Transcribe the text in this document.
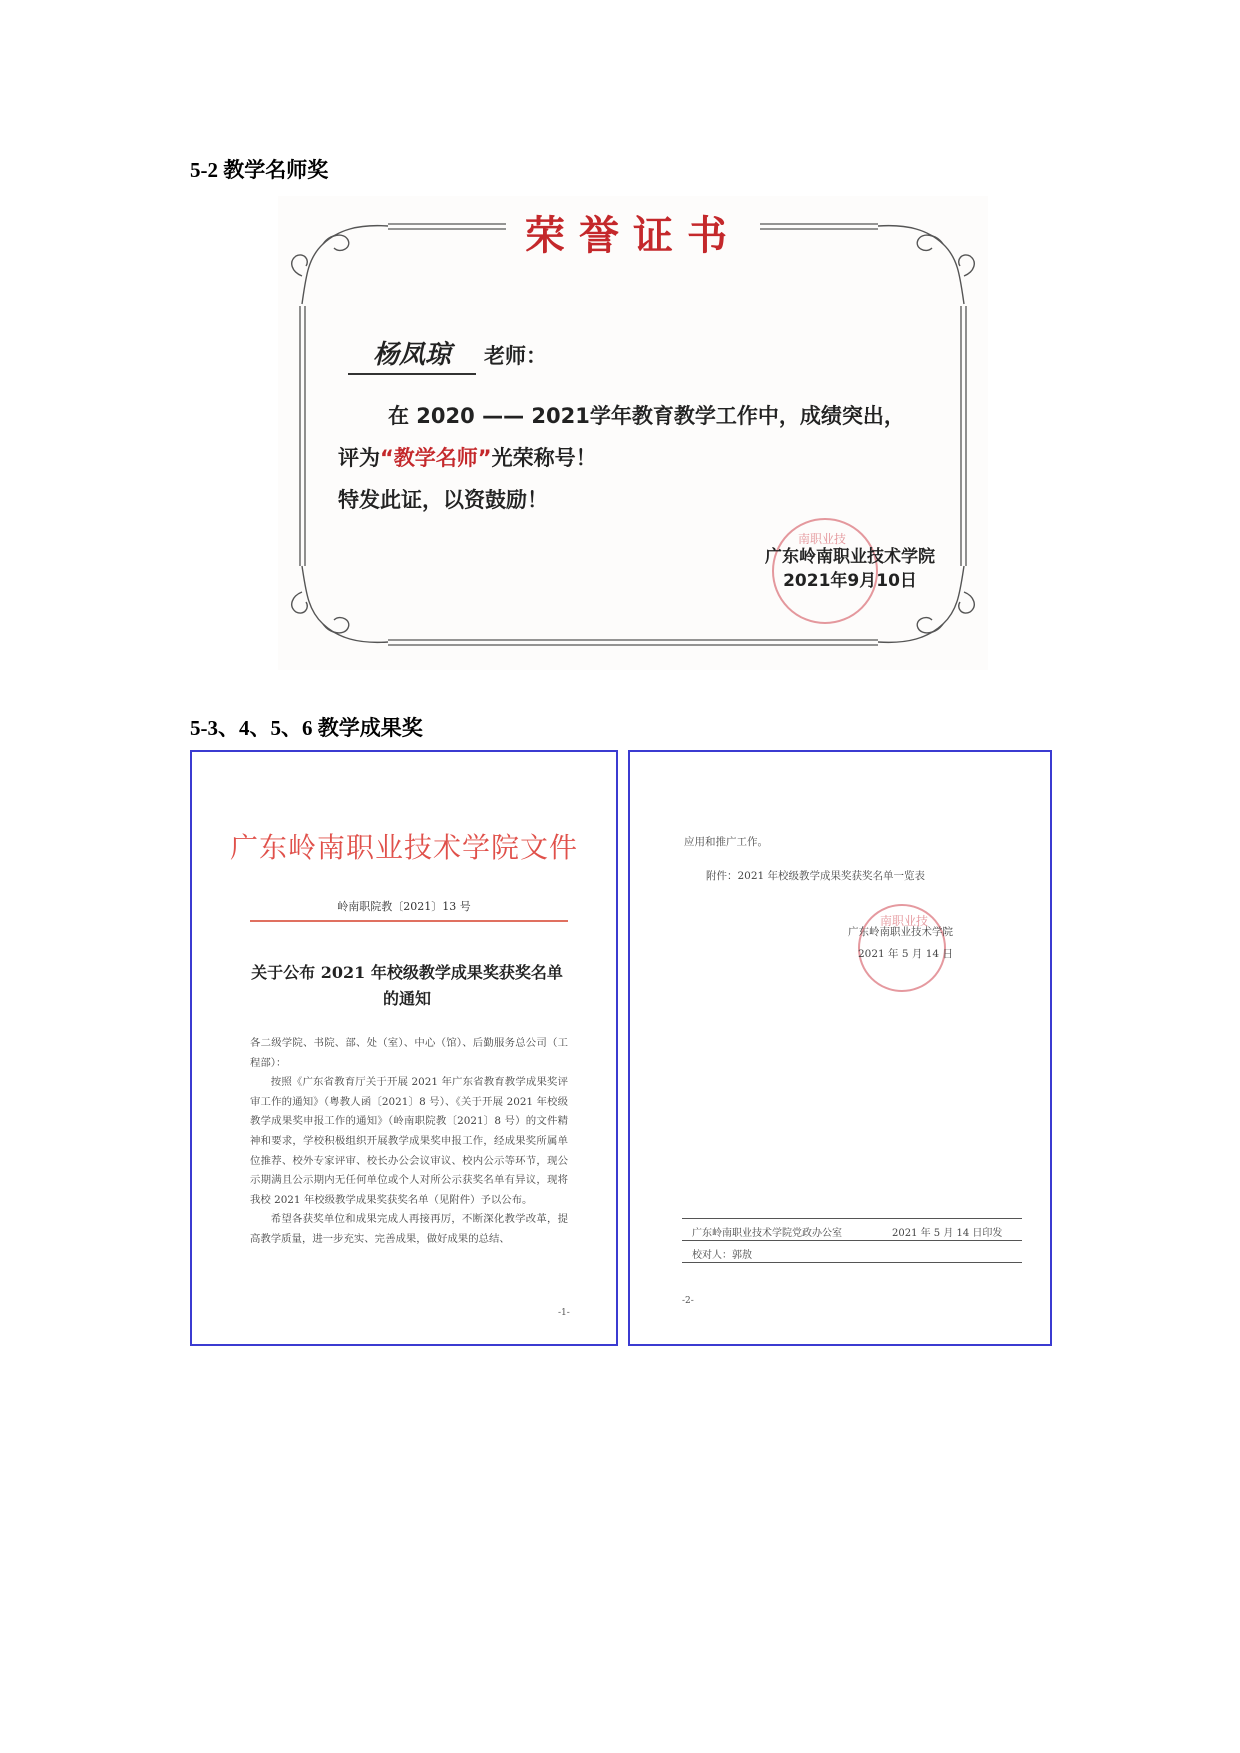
5-2 教学名师奖
荣誉证书
杨凤琼	老师：
在 2020 —— 2021学年教育教学工作中，成绩突出，
评为“教学名师”光荣称号！
特发此证，以资鼓励！
南职业技
广东岭南职业技术学院
2021年9月10日
5-3、4、5、6 教学成果奖
广东岭南职业技术学院文件
岭南职院教〔2021〕13 号
关于公布 2021 年校级教学成果奖获奖名单
的通知

各二级学院、书院、部、处（室）、中心（馆）、后勤服务总公司（工程部）：

按照《广东省教育厅关于开展 2021 年广东省教育教学成果奖评审工作的通知》（粤教人函〔2021〕8 号）、《关于开展 2021 年校级教学成果奖申报工作的通知》（岭南职院教〔2021〕8 号）的文件精神和要求，学校积极组织开展教学成果奖申报工作，经成果奖所属单位推荐、校外专家评审、校长办公会议审议、校内公示等环节，现公示期满且公示期内无任何单位或个人对所公示获奖名单有异议，现将我校 2021 年校级教学成果奖获奖名单（见附件）予以公布。

希望各获奖单位和成果完成人再接再厉，不断深化教学改革，提高教学质量，进一步充实、完善成果，做好成果的总结、

-1-
应用和推广工作。
附件：2021 年校级教学成果奖获奖名单一览表
南职业技
广东岭南职业技术学院
2021 年 5 月 14 日
广东岭南职业技术学院党政办公室	2021 年 5 月 14 日印发
校对人：郭敖
-2-
